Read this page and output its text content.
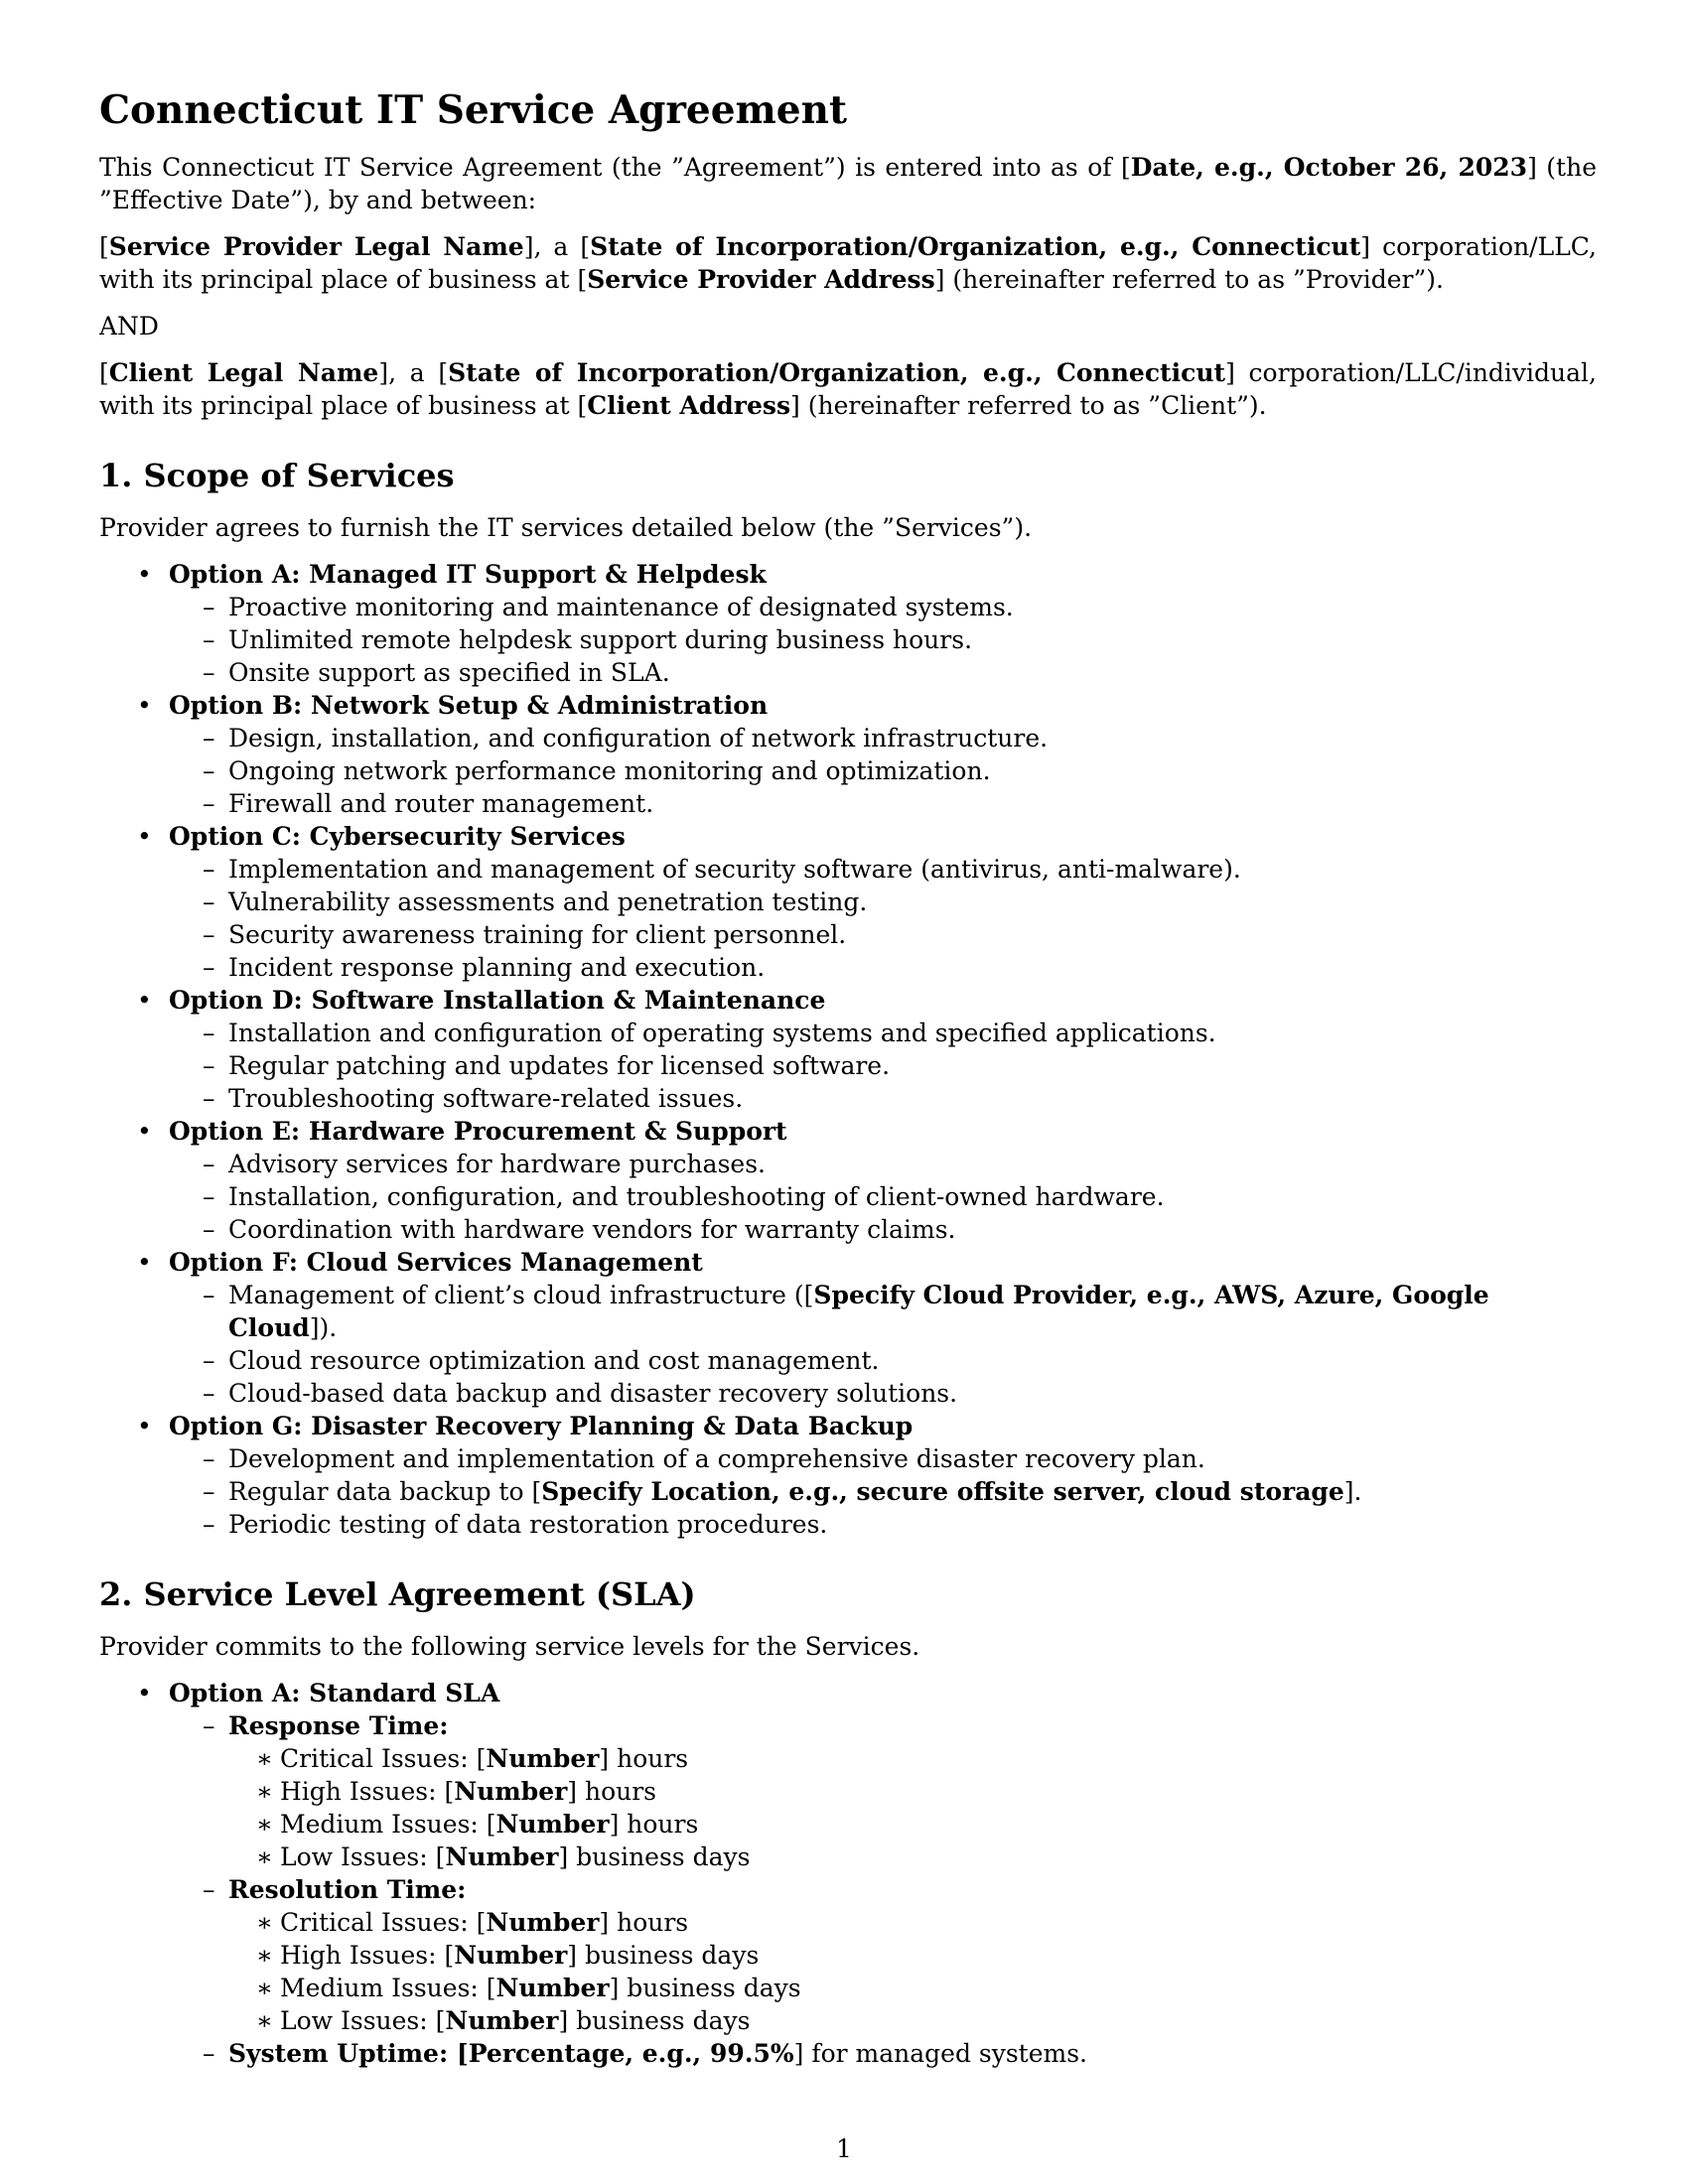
Connecticut IT Service Agreement

This Connecticut IT Service Agreement (the ”Agreement”) is entered into as of [Date, e.g., October 26, 2023] (the ”Effective Date”), by and between:

[Service Provider Legal Name], a [State of Incorporation/Organization, e.g., Connecticut] corporation/LLC, with its principal place of business at [Service Provider Address] (hereinafter referred to as ”Provider”).

AND

[Client Legal Name], a [State of Incorporation/Organization, e.g., Connecticut] corporation/LLC/individual, with its principal place of business at [Client Address] (hereinafter referred to as ”Client”).

1. Scope of Services

Provider agrees to furnish the IT services detailed below (the ”Services”).

• Option A: Managed IT Support & Helpdesk
– Proactive monitoring and maintenance of designated systems.
– Unlimited remote helpdesk support during business hours.
– Onsite support as specified in SLA.
• Option B: Network Setup & Administration
– Design, installation, and configuration of network infrastructure.
– Ongoing network performance monitoring and optimization.
– Firewall and router management.
• Option C: Cybersecurity Services
– Implementation and management of security software (antivirus, anti-malware).
– Vulnerability assessments and penetration testing.
– Security awareness training for client personnel.
– Incident response planning and execution.
• Option D: Software Installation & Maintenance
– Installation and configuration of operating systems and specified applications.
– Regular patching and updates for licensed software.
– Troubleshooting software-related issues.
• Option E: Hardware Procurement & Support
– Advisory services for hardware purchases.
– Installation, configuration, and troubleshooting of client-owned hardware.
– Coordination with hardware vendors for warranty claims.
• Option F: Cloud Services Management
– Management of client’s cloud infrastructure ([Specify Cloud Provider, e.g., AWS, Azure, Google Cloud]).
– Cloud resource optimization and cost management.
– Cloud-based data backup and disaster recovery solutions.
• Option G: Disaster Recovery Planning & Data Backup
– Development and implementation of a comprehensive disaster recovery plan.
– Regular data backup to [Specify Location, e.g., secure offsite server, cloud storage].
– Periodic testing of data restoration procedures.
2. Service Level Agreement (SLA)

Provider commits to the following service levels for the Services.

• Option A: Standard SLA
– Response Time:
∗ Critical Issues: [Number] hours
∗ High Issues: [Number] hours
∗ Medium Issues: [Number] hours
∗ Low Issues: [Number] business days
– Resolution Time:
∗ Critical Issues: [Number] hours
∗ High Issues: [Number] business days
∗ Medium Issues: [Number] business days
∗ Low Issues: [Number] business days
– System Uptime: [Percentage, e.g., 99.5%] for managed systems.
1
